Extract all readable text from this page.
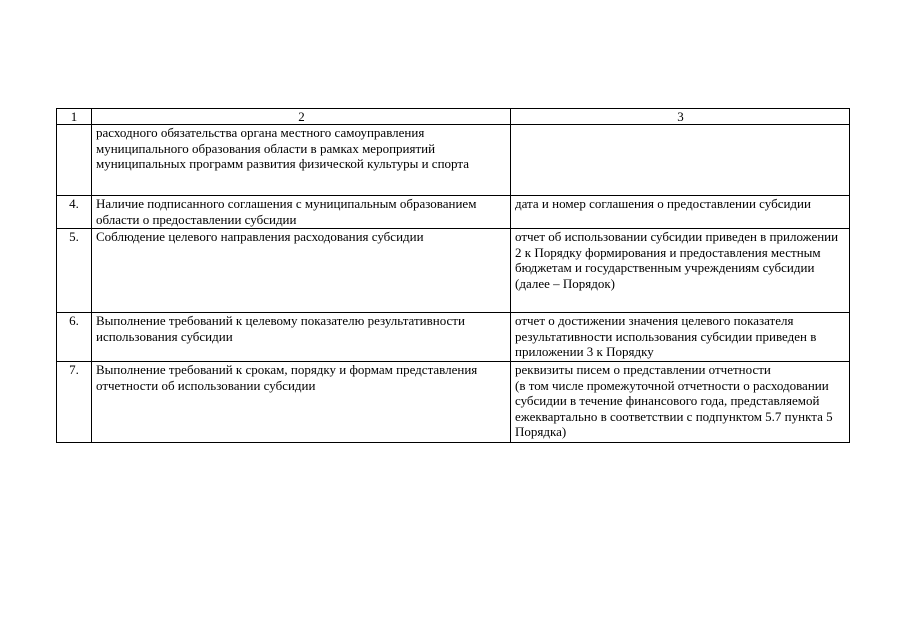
1	2	3
	расходного обязательства органа местного самоуправления муниципального образования области в рамках мероприятий муниципальных программ развития физической культуры и спорта	
4.	Наличие подписанного соглашения с муниципальным образованием области о предоставлении субсидии	дата и номер соглашения о предоставлении субсидии
5.	Соблюдение целевого направления расходования субсидии	отчет об использовании субсидии приведен в приложении 2 к Порядку формирования и предоставления местным бюджетам и государственным учреждениям субсидии (далее – Порядок)
6.	Выполнение требований к целевому показателю результативности использования субсидии	отчет о достижении значения целевого показателя результативности использования субсидии приведен в приложении 3 к Порядку
7.	Выполнение требований к срокам, порядку и формам представления отчетности об использовании субсидии	реквизиты писем о представлении отчетности
(в том числе промежуточной отчетности о расходовании субсидии в течение финансового года, представляемой ежеквартально в соответствии с подпунктом 5.7 пункта 5 Порядка)
